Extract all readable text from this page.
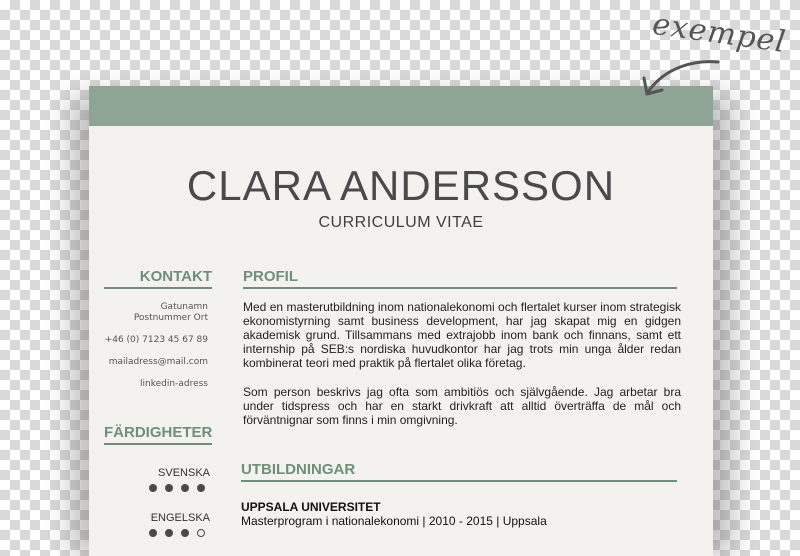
CLARA ANDERSSON
CURRICULUM VITAE
KONTAKT
Gatunamn
Postnummer Ort
+46 (0) 7123 45 67 89
mailadress@mail.com
linkedin-adress
FÄRDIGHETER
SVENSKA
ENGELSKA
PROFIL

Med en masterutbildning inom nationalekonomi och flertalet kurser inom strategisk ekonomistyrning samt business development, har jag skapat mig en gidgen akademisk grund. Tillsammans med extrajobb inom bank och finnans, samt ett internship på SEB:s nordiska huvudkontor har jag trots min unga ålder redan kombinerat teori med praktik på flertalet olika företag.

Som person beskrivs jag ofta som ambitiös och självgående. Jag arbetar bra under tidspress och har en starkt drivkraft att alltid överträffa de mål och förväntnignar som finns i min omgivning.

UTBILDNINGAR
UPPSALA UNIVERSITET
Masterprogram i nationalekonomi | 2010 - 2015 | Uppsala
exempel
